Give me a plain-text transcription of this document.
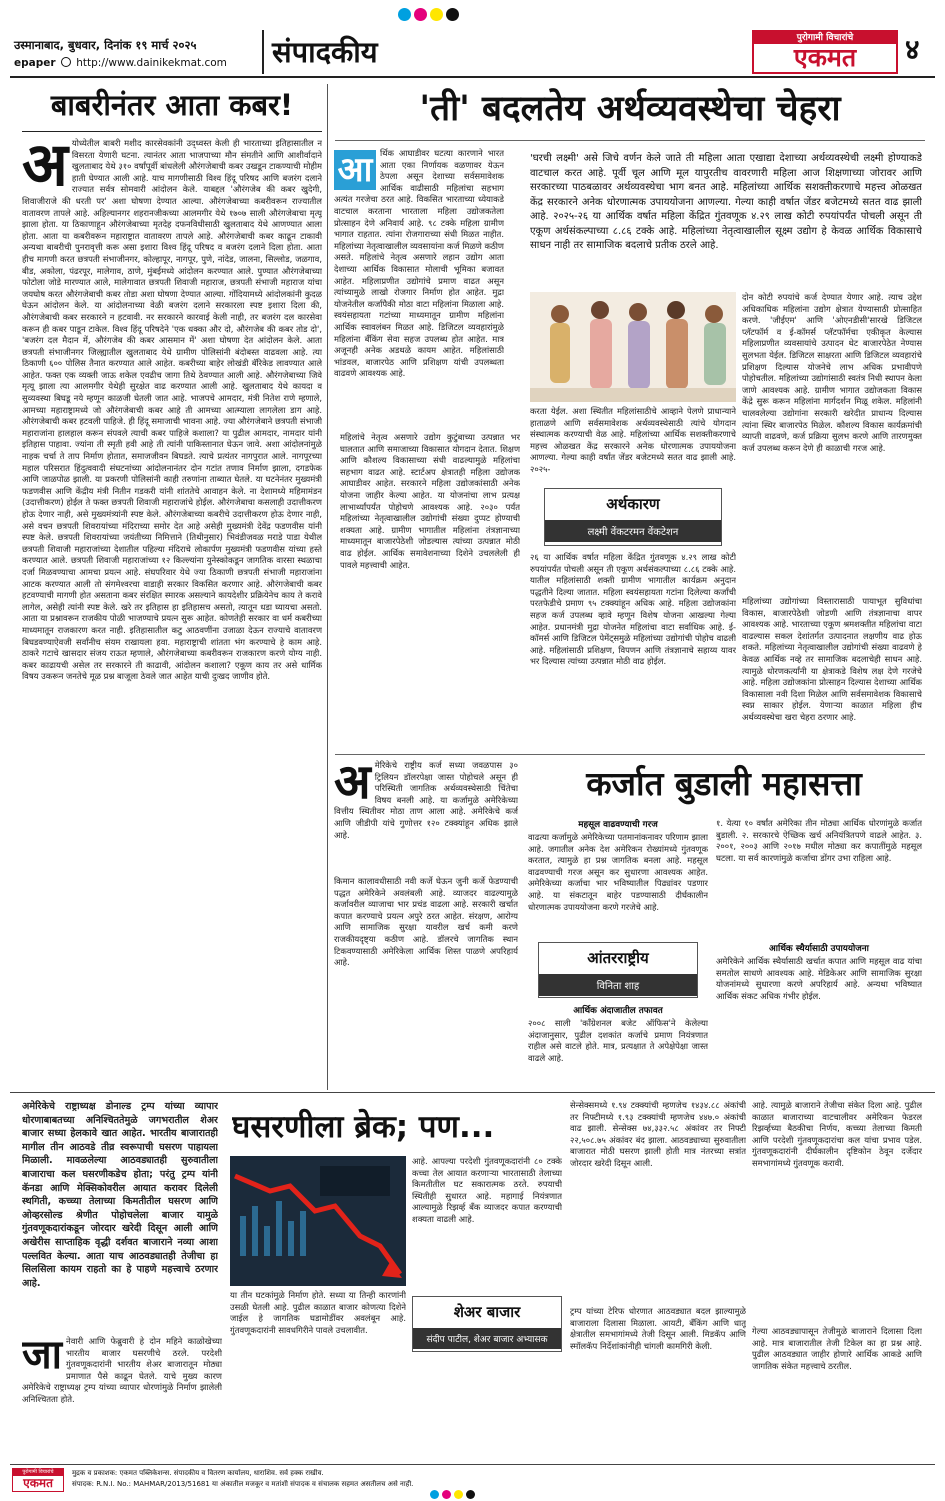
उस्मानाबाद, बुधवार, दिनांक १९ मार्च २०२५
epaper http://www.dainikekmat.com संपादकीय	पुरोगामी विचारांचे
एकमत	४
बाबरीनंतर आता कबर!
अ योध्येतील बाबरी मशीद कारसेवकांनी उद्ध्वस्त केली ही भारताच्या इतिहासातील न विसरता येणारी घटना. त्यानंतर आता भाजपाच्या मौन संमतीने आणि आशीर्वादाने खुलताबाद येथे ३१० वर्षांपूर्वी बांधलेली औरंगजेबाची कबर उखडून टाकण्याची मोहीम हाती घेण्यात आली आहे. याच मागणीसाठी विश्व हिंदू परिषद आणि बजरंग दलाने राज्यात सर्वत्र सोमवारी आंदोलन केले. याबद्दल 'औरंगजेब की कबर खुदेगी, शिवाजीराजे की धरती पर' अशा घोषणा देण्यात आल्या. औरंगजेबाच्या कबरीवरून राज्यातील वातावरण तापले आहे. अहिल्यानगर शहरानजीकच्या आलमगीर येथे १७०७ साली औरंगजेबाचा मृत्यू झाला होता. या ठिकाणाहून औरंगजेबाच्या मृतदेह दफनविधीसाठी खुलताबाद येथे आणण्यात आला होता. आता या कबरीवरून महाराष्ट्रात वातावरण तापले आहे. औरंगजेबाची कबर काढून टाकावी अन्यथा बाबरीची पुनरावृत्ती करू असा इशारा विश्व हिंदू परिषद व बजरंग दलाने दिला होता. आता हीच मागणी करत छत्रपती संभाजीनगर, कोल्हापूर, नागपूर, पुणे, नांदेड, जालना, सिल्लोड, जळगाव, बीड, अकोला, पंढरपूर, मालेगाव, ठाणे, मुंबईमध्ये आंदोलन करण्यात आले. पुण्यात औरंगजेबाच्या फोटोला जोडे मारण्यात आले, मालेगावात छत्रपती शिवाजी महाराज, छत्रपती संभाजी महाराज यांचा जयघोष करत औरंगजेबाची कबर तोडा अशा घोषणा देण्यात आल्या. गोंदियामध्ये आंदोलकांनी कुदळ घेऊन आंदोलन केले. या आंदोलनाच्या वेळी बजरंग दलाने सरकारला स्पष्ट इशारा दिला की, औरंगजेबाची कबर सरकारने न हटवावी. नर सरकारने कारवाई केली नाही, तर बजरंग दल कारसेवा करून ही कबर पाडून टाकेल. विश्व हिंदू परिषदेने 'एक धक्का और दो, औरंगजेब की कबर तोड दो', 'बजरंग दल मैदान में, औरंगजेब की कबर आसमान में' अशा घोषणा देत आंदोलन केले. आता छत्रपती संभाजीनगर जिल्ह्यातील खुलताबाद येथे ग्रामीण पोलिसांनी बंदोबस्त वाढवला आहे. त्या ठिकाणी ६०० पोलिस तैनात करण्यात आले आहेत. कबरीच्या बाहेर लोखंडी बॅरिकेड लावण्यात आले आहेत. फक्त एक व्यक्ती जाऊ शकेल एवढीच जागा तिथे ठेवण्यात आली आहे. औरंगजेबाच्या जिवे मृत्यू झाला त्या आलमगीर येथेही सुरक्षेत वाढ करण्यात आली आहे. खुलताबाद येथे कायदा व सुव्यवस्था बिघडू नये म्हणून काळजी घेतली जात आहे. भाजपचे आमदार, मंत्री नितेश राणे म्हणाले, आमच्या महाराष्ट्रामध्ये जो औरंगजेबाची कबर आहे ती आमच्या आत्म्याला लागलेला डाग आहे. औरंगजेबाची कबर हटवली पाहिजे. ही हिंदू समाजाची भावना आहे. ज्या औरंगजेबाने छत्रपती संभाजी महाराजांना हालहाल करून संपवले त्याची कबर पाहिजे कशाला? या पुढील आमदार, नामदार यांनी इतिहास पाहावा. ज्यांना ती स्मृती हवी आहे ती त्यांनी पाकिस्तानात घेऊन जावे. अशा आंदोलनांमुळे नाहक चर्चा ते ताप निर्माण होतात, समाजजीवन बिघडते. त्याचे प्रत्यंतर नागपुरात आले. नागपूरच्या महाल परिसरात हिंदुत्ववादी संघटनांच्या आंदोलनानंतर दोन गटांत तणाव निर्माण झाला, दगडफेक आणि जाळपोळ झाली. या प्रकरणी पोलिसांनी काही तरुणांना ताब्यात घेतले. या घटनेनंतर मुख्यमंत्री फडणवीस आणि केंद्रीय मंत्री नितीन गडकरी यांनी शांततेचे आवाहन केले. ना देशामध्ये महिमामंडन (उदात्तीकरण) होईल ते फक्त छत्रपती शिवाजी महाराजांचे होईल. औरंगजेबाचा कसलाही उदात्तीकरण होऊ देणार नाही, असे मुख्यमंत्र्यांनी स्पष्ट केले. औरंगजेबाच्या कबरीचे उदात्तीकरण होऊ देणार नाही, असे वचन छत्रपती शिवरायांच्या मंदिराच्या समोर देत आहे असेही मुख्यमंत्री देवेंद्र फडणवीस यांनी स्पष्ट केले. छत्रपती शिवरायांच्या जयंतीच्या निमित्ताने (तिथीनुसार) भिवंडीजवळ मराडे पाडा येथील छत्रपती शिवाजी महाराजांच्या देशातील पहिल्या मंदिराचे लोकार्पण मुख्यमंत्री फडणवीस यांच्या हस्ते करण्यात आले. छत्रपती शिवाजी महाराजांच्या १२ किल्ल्यांना युनेस्कोकडून जागतिक वारसा स्थळाचा दर्जा मिळवण्याचा आमचा प्रयत्न आहे. संघपरिवार येथे ज्या ठिकाणी छत्रपती संभाजी महाराजांना आटक करण्यात आली तो संगमेश्वरचा वाडाही सरकार विकसित करणार आहे. औरंगजेबाची कबर हटवण्याची मागणी होत असताना कबर संरक्षित स्मारक असल्याने कायदेशीर प्रक्रियेनेच काय ते करावे लागेल, असेही त्यांनी स्पष्ट केले. खरे तर इतिहास हा इतिहासच असतो, त्यातून धडा घ्यायचा असतो. आता या प्रश्नावरून राजकीय पोळी भाजण्याचे प्रयत्न सुरू आहेत. कोणतेही सरकार वा धर्म कबरीच्या माध्यमातून राजकारण करत नाही. इतिहासातील कटु आठवणींना उजाळा देऊन राज्याचे वातावरण बिघडवण्याऐवजी सर्वांनीच संयम राखायला हवा. महाराष्ट्राची शांतता भंग करण्याचे हे काम आहे. ठाकरे गटाचे खासदार संजय राऊत म्हणाले, औरंगजेबाच्या कबरीवरून राजकारण करणे योग्य नाही. कबर काढायची असेल तर सरकारने ती काढावी, आंदोलन कशाला? एकूण काय तर असे धार्मिक विषय उकरून जनतेचे मूळ प्रश्न बाजूला ठेवले जात आहेत याची दुःखद जाणीव होते.
'ती' बदलतेय अर्थव्यवस्थेचा चेहरा
आ र्थिक आघाडीवर घटत्या कारणाने भारत आता एका निर्णायक वळणावर येऊन ठेपला असून देशाच्या सर्वसमावेशक आर्थिक वाढीसाठी महिलांचा सहभाग अत्यंत गरजेचा ठरत आहे. विकसित भारताच्या ध्येयाकडे वाटचाल करताना भारताला महिला उद्योजकतेला प्रोत्साहन देणे अनिवार्य आहे. ९८ टक्के महिला ग्रामीण भागात राहतात. त्यांना रोजगाराच्या संधी मिळत नाहीत. महिलांच्या नेतृत्वाखालील व्यवसायांना कर्ज मिळणे कठीण असते. महिलांचे नेतृत्व असणारे लहान उद्योग आता देशाच्या आर्थिक विकासात मोलाची भूमिका बजावत आहेत. महिलाप्रणीत उद्योगांचे प्रमाण वाढत असून त्यांच्यामुळे लाखो रोजगार निर्माण होत आहेत. मुद्रा योजनेतील कर्जांपैकी मोठा वाटा महिलांना मिळाला आहे. स्वयंसहायता गटांच्या माध्यमातून ग्रामीण महिलांना आर्थिक स्वावलंबन मिळत आहे. डिजिटल व्यवहारांमुळे महिलांना बँकिंग सेवा सहज उपलब्ध होत आहेत. मात्र अजूनही अनेक अडथळे कायम आहेत. महिलांसाठी भांडवल, बाजारपेठ आणि प्रशिक्षण यांची उपलब्धता वाढवणे आवश्यक आहे.
'घरची लक्ष्मी' असे जिचे वर्णन केले जाते ती महिला आता एखाद्या देशाच्या अर्थव्यवस्थेची लक्ष्मी होण्याकडे वाटचाल करत आहे. पूर्वी चूल आणि मूल यापुरतीच वावरणारी महिला आज शिक्षणाच्या जोरावर आणि सरकारच्या पाठबळावर अर्थव्यवस्थेचा भाग बनत आहे. महिलांच्या आर्थिक सशक्तीकरणाचे महत्त्व ओळखत केंद्र सरकारने अनेक धोरणात्मक उपाययोजना आणल्या. गेल्या काही वर्षात जेंडर बजेटमध्ये सतत वाढ झाली आहे. २०२५-२६ या आर्थिक वर्षात महिला केंद्रित गुंतवणूक ४.२९ लाख कोटी रुपयांपर्यंत पोचली असून ती एकूण अर्थसंकल्पाच्या ८.८६ टक्के आहे. महिलांच्या नेतृत्वाखालील सूक्ष्म उद्योग हे केवळ आर्थिक विकासाचे साधन नाही तर सामाजिक बदलाचे प्रतीक ठरले आहे.
दोन कोटी रुपयांचे कर्ज देण्यात येणार आहे. त्याच उद्देश अधिकाधिक महिलांना उद्योग क्षेत्रात येण्यासाठी प्रोत्साहित करणे. 'जीईएम' आणि 'ओएनडीसी'सारखे डिजिटल प्लॅटफॉर्म व ई-कॉमर्स प्लॅटफॉर्मचा एकीकृत केल्यास महिलाप्रणीत व्यवसायांचे उत्पादन थेट बाजारपेठेत नेण्यास सुलभता येईल. डिजिटल साक्षरता आणि डिजिटल व्यवहारांचे प्रशिक्षण दिल्यास योजनेचे लाभ अधिक प्रभावीपणे पोहोचतील. महिलांच्या उद्योगांसाठी स्वतंत्र निधी स्थापन केला जाणे आवश्यक आहे. ग्रामीण भागात उद्योजकता विकास केंद्रे सुरू करून महिलांना मार्गदर्शन मिळू शकेल. महिलांनी चालवलेल्या उद्योगांना सरकारी खरेदीत प्राधान्य दिल्यास त्यांना स्थिर बाजारपेठ मिळेल. कौशल्य विकास कार्यक्रमांची व्याप्ती वाढवणे, कर्ज प्रक्रिया सुलभ करणे आणि तारणमुक्त कर्ज उपलब्ध करून देणे ही काळाची गरज आहे.
करता येईल. अशा स्थितीत महिलांसाठीचे आव्हाने पेलणे प्राधान्याने हाताळणे आणि सर्वसमावेशक अर्थव्यवस्थेसाठी त्यांचे योगदान संस्थात्मक करण्याची वेळ आहे. महिलांच्या आर्थिक सशक्तीकरणाचे महत्त्व ओळखत केंद्र सरकारने अनेक धोरणात्मक उपाययोजना आणल्या. गेल्या काही वर्षांत जेंडर बजेटमध्ये सतत वाढ झाली आहे. २०२५-
अर्थकारण
लक्ष्मी वेंकटरमन वेंकटेशन
२६ या आर्थिक वर्षात महिला केंद्रित गुंतवणूक ४.२९ लाख कोटी रुपयांपर्यंत पोचली असून ती एकूण अर्थसंकल्पाच्या ८.८६ टक्के आहे. यातील महिलांसाठी शक्ती ग्रामीण भागातील कार्यक्रम अनुदान पद्धतीने दिल्या जातात. महिला स्वयंसहायता गटांना दिलेल्या कर्जांची परतफेडीचे प्रमाण ९५ टक्क्यांहून अधिक आहे. महिला उद्योजकांना सहज कर्ज उपलब्ध व्हावे म्हणून विशेष योजना आखल्या गेल्या आहेत. प्रधानमंत्री मुद्रा योजनेत महिलांचा वाटा सर्वाधिक आहे. ई-कॉमर्स आणि डिजिटल पेमेंट्समुळे महिलांच्या उद्योगांची पोहोच वाढली आहे. महिलांसाठी प्रशिक्षण, विपणन आणि तंत्रज्ञानाचे सहाय्य यावर भर दिल्यास त्यांच्या उत्पन्नात मोठी वाढ होईल.
महिलांच्या उद्योगांच्या विस्तारासाठी पायाभूत सुविधांचा विकास, बाजारपेठेशी जोडणी आणि तंत्रज्ञानाचा वापर आवश्यक आहे. भारताच्या एकूण श्रमशक्तीत महिलांचा वाटा वाढल्यास सकल देशांतर्गत उत्पादनात लक्षणीय वाढ होऊ शकते. महिलांच्या नेतृत्वाखालील उद्योगांची संख्या वाढवणे हे केवळ आर्थिक नव्हे तर सामाजिक बदलाचेही साधन आहे. त्यामुळे धोरणकर्त्यांनी या क्षेत्राकडे विशेष लक्ष देणे गरजेचे आहे. महिला उद्योजकांना प्रोत्साहन दिल्यास देशाच्या आर्थिक विकासाला नवी दिशा मिळेल आणि सर्वसमावेशक विकासाचे स्वप्न साकार होईल. येणाऱ्या काळात महिला हीच अर्थव्यवस्थेचा खरा चेहरा ठरणार आहे.
महिलांचे नेतृत्व असणारे उद्योग कुटुंबाच्या उत्पन्नात भर घालतात आणि समाजाच्या विकासात योगदान देतात. शिक्षण आणि कौशल्य विकासाच्या संधी वाढल्यामुळे महिलांचा सहभाग वाढत आहे. स्टार्टअप क्षेत्रातही महिला उद्योजक आघाडीवर आहेत. सरकारने महिला उद्योजकांसाठी अनेक योजना जाहीर केल्या आहेत. या योजनांचा लाभ प्रत्यक्ष लाभार्थ्यांपर्यंत पोहोचणे आवश्यक आहे. २०३० पर्यंत महिलांच्या नेतृत्वाखालील उद्योगांची संख्या दुप्पट होण्याची शक्यता आहे. ग्रामीण भागातील महिलांना तंत्रज्ञानाच्या माध्यमातून बाजारपेठेशी जोडल्यास त्यांच्या उत्पन्नात मोठी वाढ होईल. आर्थिक समावेशनाच्या दिशेने उचललेली ही पावले महत्त्वाची आहेत.
अ मेरिकेचे राष्ट्रीय कर्ज सध्या जवळपास ३० ट्रिलियन डॉलरपेक्षा जास्त पोहोचले असून ही परिस्थिती जागतिक अर्थव्यवस्थेसाठी चिंतेचा विषय बनली आहे. या कर्जामुळे अमेरिकेच्या वित्तीय स्थितीवर मोठा ताण आला आहे. अमेरिकेचे कर्ज आणि जीडीपी यांचे गुणोत्तर १२० टक्क्यांहून अधिक झाले आहे.
कर्जात बुडाली महासत्ता
किमान कालावधीसाठी नवी कर्जे घेऊन जुनी कर्जे फेडण्याची पद्धत अमेरिकेने अवलंबली आहे. व्याजदर वाढल्यामुळे कर्जावरील व्याजाचा भार प्रचंड वाढला आहे. सरकारी खर्चात कपात करण्याचे प्रयत्न अपुरे ठरत आहेत. संरक्षण, आरोग्य आणि सामाजिक सुरक्षा यावरील खर्च कमी करणे राजकीयदृष्ट्या कठीण आहे. डॉलरचे जागतिक स्थान टिकवण्यासाठी अमेरिकेला आर्थिक शिस्त पाळणे अपरिहार्य आहे.
महसूल वाढवण्याची गरज
वाढत्या कर्जामुळे अमेरिकेच्या पतमानांकनावर परिणाम झाला आहे. जगातील अनेक देश अमेरिकन रोख्यांमध्ये गुंतवणूक करतात, त्यामुळे हा प्रश्न जागतिक बनला आहे. महसूल वाढवण्याची गरज असून कर सुधारणा आवश्यक आहेत. अमेरिकेच्या कर्जाचा भार भविष्यातील पिढ्यांवर पडणार आहे. या संकटातून बाहेर पडण्यासाठी दीर्घकालीन धोरणात्मक उपाययोजना करणे गरजेचे आहे.
आंतरराष्ट्रीय
विनिता शाह
आर्थिक अंदाजातील तफावत
२००८ साली 'कॉंग्रेशनल बजेट ऑफिस'ने केलेल्या अंदाजानुसार, पुढील दशकांत कर्जाचे प्रमाण नियंत्रणात राहील असे वाटले होते. मात्र, प्रत्यक्षात ते अपेक्षेपेक्षा जास्त वाढले आहे.
१. येत्या १० वर्षांत अमेरिका तीन मोठ्या आर्थिक धोरणांमुळे कर्जात बुडाली. २. सरकारचे ऐच्छिक खर्च अनियंत्रितपणे वाढले आहेत. ३. २००१, २००३ आणि २०१७ मधील मोठ्या कर कपातींमुळे महसूल घटला. या सर्व कारणांमुळे कर्जाचा डोंगर उभा राहिला आहे.
आर्थिक स्थैर्यासाठी उपाययोजना
अमेरिकेने आर्थिक स्थैर्यासाठी खर्चात कपात आणि महसूल वाढ यांचा समतोल साधणे आवश्यक आहे. मेडिकेअर आणि सामाजिक सुरक्षा योजनांमध्ये सुधारणा करणे अपरिहार्य आहे. अन्यथा भविष्यात आर्थिक संकट अधिक गंभीर होईल.
अमेरिकेचे राष्ट्राध्यक्ष डोनाल्ड ट्रम्प यांच्या व्यापार धोरणाबाबतच्या अनिश्चिततेमुळे जगभरातील शेअर बाजार सध्या हेलकावे खात आहेत. भारतीय बाजारातही मागील तीन आठवडे तीव्र स्वरूपाची घसरण पाहायला मिळाली. मावळलेल्या आठवड्यातही सुरुवातीला बाजाराचा कल घसरणीकडेच होता; परंतु ट्रम्प यांनी कॅनडा आणि मेक्सिकोवरील आयात करावर दिलेली स्थगिती, कच्च्या तेलाच्या किमतीतील घसरण आणि ओव्हरसोल्ड श्रेणीत पोहोचलेला बाजार यामुळे गुंतवणूकदारांकडून जोरदार खरेदी दिसून आली आणि अखेरीस साप्ताहिक वृद्धी दर्शवत बाजाराने नव्या आशा पल्लवित केल्या. आता याच आठवड्यातही तेजीचा हा सिलसिला कायम राहतो का हे पाहणे महत्त्वाचे ठरणार आहे.
घसरणीला ब्रेक; पण...
आहे. आपल्या परदेशी गुंतवणूकदारांनी ८० टक्के कच्चा तेल आयात करणाऱ्या भारतासाठी तेलाच्या किमतीतील घट सकारात्मक ठरते. रुपयाची स्थितीही सुधारत आहे. महागाई नियंत्रणात आल्यामुळे रिझर्व्ह बँक व्याजदर कपात करण्याची शक्यता वाढली आहे.
या तीन घटकांमुळे निर्माण होते. सध्या या तिन्ही कारणांनी उसळी घेतली आहे. पुढील काळात बाजार कोणत्या दिशेने जाईल हे जागतिक घडामोडींवर अवलंबून आहे. गुंतवणूकदारांनी सावधगिरीने पावले उचलावीत.
शेअर बाजार
संदीप पाटील, शेअर बाजार अभ्यासक
जा नेवारी आणि फेब्रुवारी हे दोन महिने काळोखेच्या भारतीय बाजार घसरणीचे ठरले. परदेशी गुंतवणूकदारांनी भारतीय शेअर बाजारातून मोठ्या प्रमाणात पैसे काढून घेतले. याचे मुख्य कारण अमेरिकेचे राष्ट्राध्यक्ष ट्रम्प यांच्या व्यापार धोरणांमुळे निर्माण झालेली अनिश्चितता होते.
सेन्सेक्समध्ये १.९४ टक्क्यांची म्हणजेच १४३४.८८ अंकांची तर निफ्टीमध्ये १.९३ टक्क्यांची म्हणजेच ४४७.० अंकांची वाढ झाली. सेन्सेक्स ७४,३३२.५८ अंकांवर तर निफ्टी २२,५०८.७५ अंकांवर बंद झाला. आठवड्याच्या सुरुवातीला बाजारात मोठी घसरण झाली होती मात्र नंतरच्या सत्रांत जोरदार खरेदी दिसून आली.
ट्रम्प यांच्या टेरिफ धोरणात आठवड्यात बदल झाल्यामुळे बाजाराला दिलासा मिळाला. आयटी, बँकिंग आणि धातू क्षेत्रातील समभागांमध्ये तेजी दिसून आली. मिडकॅप आणि स्मॉलकॅप निर्देशांकांनीही चांगली कामगिरी केली.
आहे. त्यामुळे बाजाराने तेजीचा संकेत दिला आहे. पुढील काळात बाजाराच्या वाटचालीवर अमेरिकन फेडरल रिझर्व्हच्या बैठकीचा निर्णय, कच्च्या तेलाच्या किमती आणि परदेशी गुंतवणूकदारांचा कल यांचा प्रभाव पडेल. गुंतवणूकदारांनी दीर्घकालीन दृष्टिकोन ठेवून दर्जेदार समभागांमध्ये गुंतवणूक करावी.
गेल्या आठवड्यापासून तेजीमुळे बाजाराने दिलासा दिला आहे. मात्र बाजारातील तेजी टिकेल का हा प्रश्न आहे. पुढील आठवड्यात जाहीर होणारे आर्थिक आकडे आणि जागतिक संकेत महत्त्वाचे ठरतील.
पुरोगामी विचारांचे
एकमत
मुद्रक व प्रकाशक: एकमत पब्लिकेशन्स. संपादकीय व वितरण कार्यालय, धाराशिव. सर्व हक्क राखीव.
संपादक: R.N.I. No.: MAHMAR/2013/51681 या अंकातील मजकूर व मतांशी संपादक व संचालक सहमत असतीलच असे नाही.
